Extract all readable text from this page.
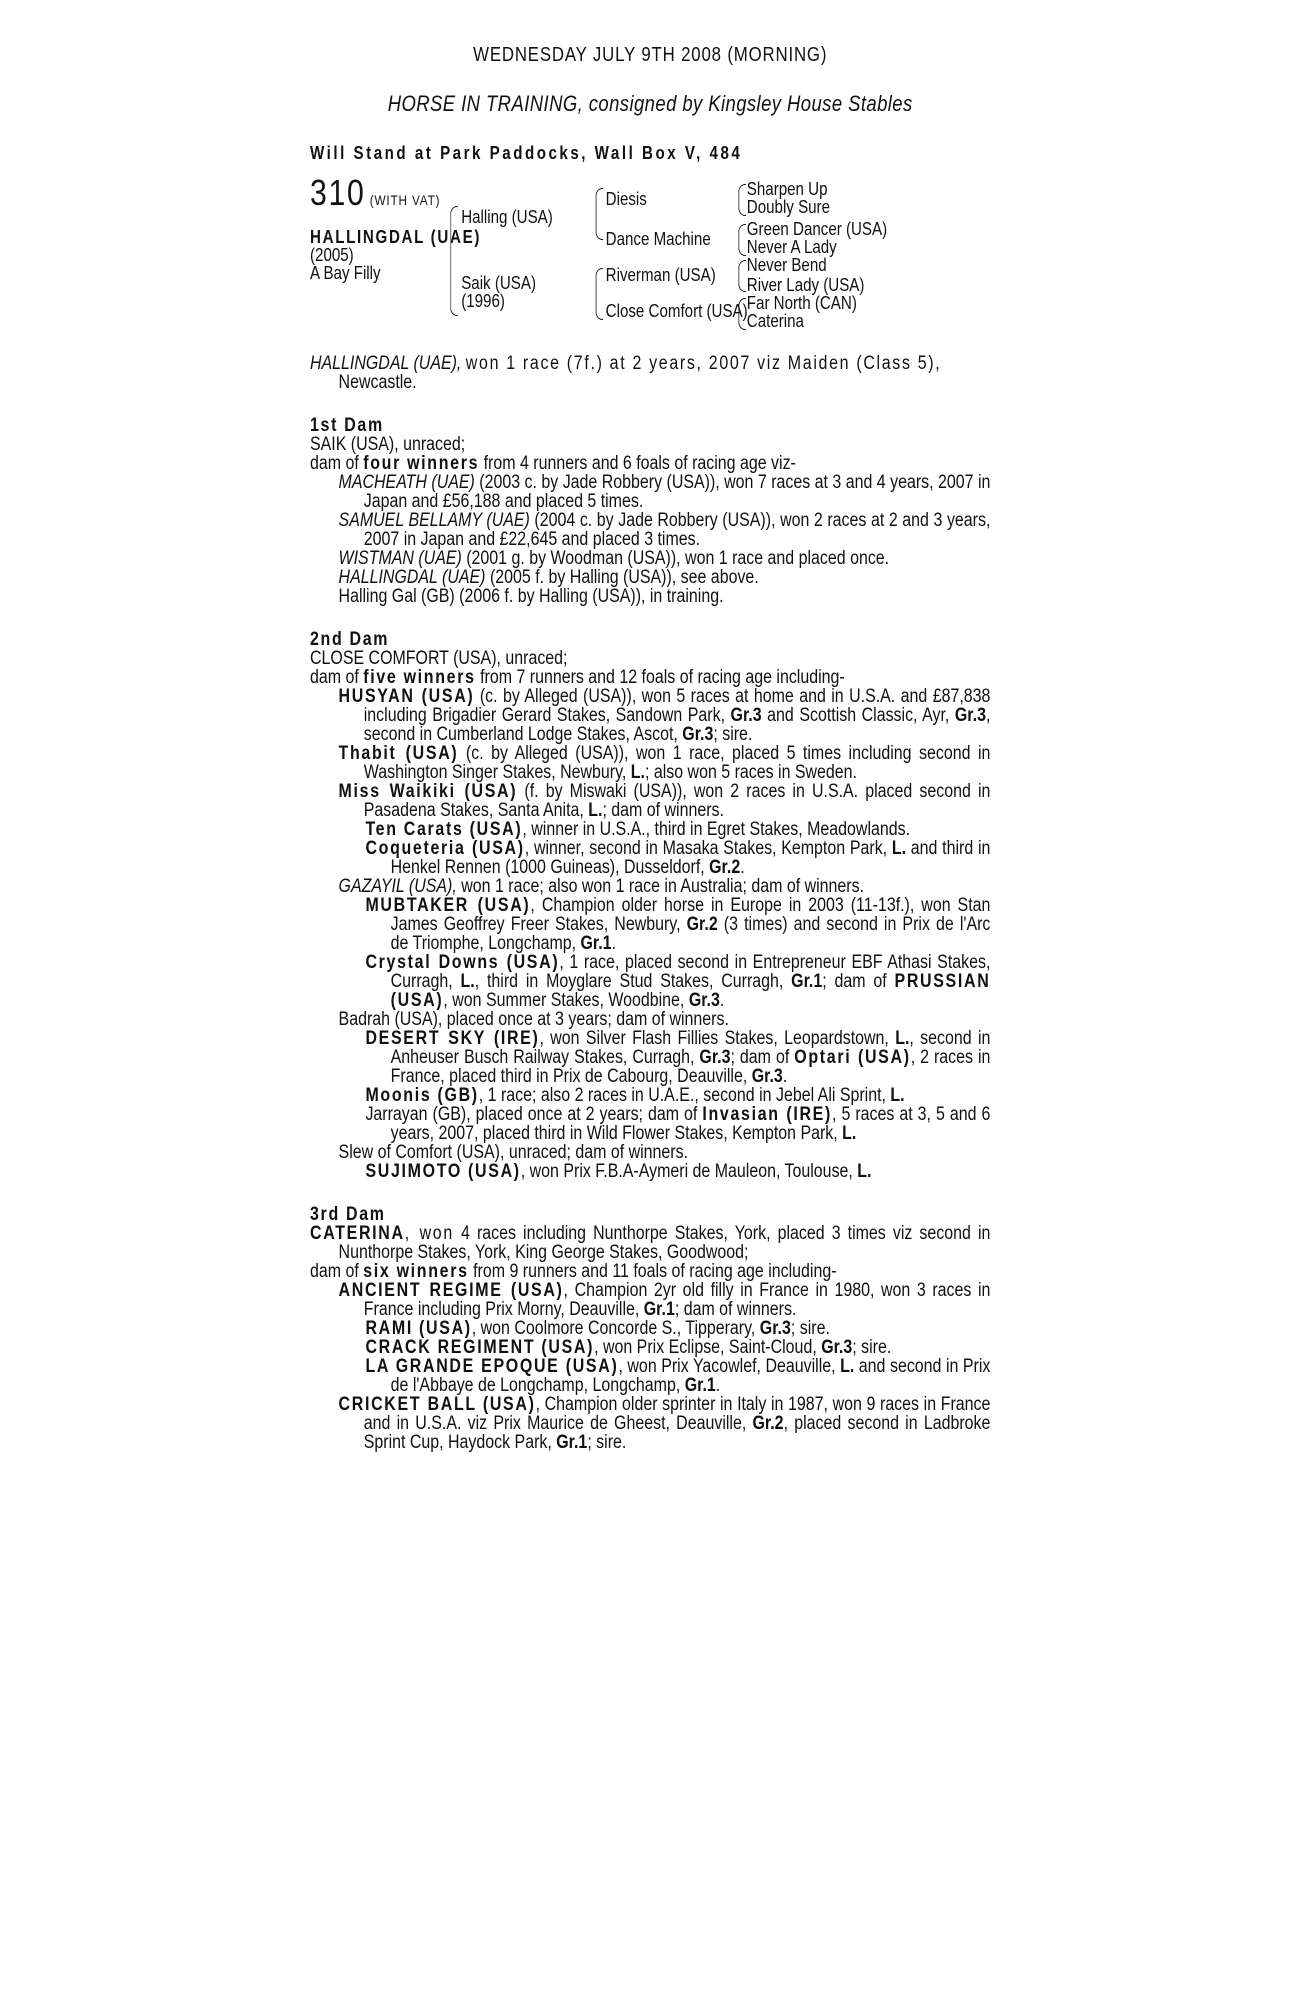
WEDNESDAY JULY 9TH 2008 (MORNING)
HORSE IN TRAINING, consigned by Kingsley House Stables
Will Stand at Park Paddocks, Wall Box V, 484
310 (WITH VAT)
HALLINGDAL (UAE)
(2005)
A Bay Filly
Halling (USA)
Saik (USA)
(1996)
Diesis
Dance Machine
Riverman (USA)
Close Comfort (USA)
Sharpen Up
Doubly Sure
Green Dancer (USA)
Never A Lady
Never Bend
River Lady (USA)
Far North (CAN)
Caterina
HALLINGDAL (UAE), won 1 race (7f.) at 2 years, 2007 viz Maiden (Class 5),
Newcastle.
1st Dam
SAIK (USA), unraced;
dam of four winners from 4 runners and 6 foals of racing age viz-
MACHEATH (UAE) (2003 c. by Jade Robbery (USA)), won 7 races at 3 and 4 years, 2007 in Japan and £56,188 and placed 5 times.
SAMUEL BELLAMY (UAE) (2004 c. by Jade Robbery (USA)), won 2 races at 2 and 3 years, 2007 in Japan and £22,645 and placed 3 times.
WISTMAN (UAE) (2001 g. by Woodman (USA)), won 1 race and placed once.
HALLINGDAL (UAE) (2005 f. by Halling (USA)), see above.
Halling Gal (GB) (2006 f. by Halling (USA)), in training.
2nd Dam
CLOSE COMFORT (USA), unraced;
dam of five winners from 7 runners and 12 foals of racing age including-
HUSYAN (USA) (c. by Alleged (USA)), won 5 races at home and in U.S.A. and £87,838 including Brigadier Gerard Stakes, Sandown Park, Gr.3 and Scottish Classic, Ayr, Gr.3, second in Cumberland Lodge Stakes, Ascot, Gr.3; sire.
Thabit (USA) (c. by Alleged (USA)), won 1 race, placed 5 times including second in Washington Singer Stakes, Newbury, L.; also won 5 races in Sweden.
Miss Waikiki (USA) (f. by Miswaki (USA)), won 2 races in U.S.A. placed second in Pasadena Stakes, Santa Anita, L.; dam of winners.
Ten Carats (USA), winner in U.S.A., third in Egret Stakes, Meadowlands.
Coqueteria (USA), winner, second in Masaka Stakes, Kempton Park, L. and third in Henkel Rennen (1000 Guineas), Dusseldorf, Gr.2.
GAZAYIL (USA), won 1 race; also won 1 race in Australia; dam of winners.
MUBTAKER (USA), Champion older horse in Europe in 2003 (11-13f.), won Stan James Geoffrey Freer Stakes, Newbury, Gr.2 (3 times) and second in Prix de l'Arc de Triomphe, Longchamp, Gr.1.
Crystal Downs (USA), 1 race, placed second in Entrepreneur EBF Athasi Stakes, Curragh, L., third in Moyglare Stud Stakes, Curragh, Gr.1; dam of PRUSSIAN (USA), won Summer Stakes, Woodbine, Gr.3.
Badrah (USA), placed once at 3 years; dam of winners.
DESERT SKY (IRE), won Silver Flash Fillies Stakes, Leopardstown, L., second in Anheuser Busch Railway Stakes, Curragh, Gr.3; dam of Optari (USA), 2 races in France, placed third in Prix de Cabourg, Deauville, Gr.3.
Moonis (GB), 1 race; also 2 races in U.A.E., second in Jebel Ali Sprint, L.
Jarrayan (GB), placed once at 2 years; dam of Invasian (IRE), 5 races at 3, 5 and 6 years, 2007, placed third in Wild Flower Stakes, Kempton Park, L.
Slew of Comfort (USA), unraced; dam of winners.
SUJIMOTO (USA), won Prix F.B.A-Aymeri de Mauleon, Toulouse, L.
3rd Dam
CATERINA, won 4 races including Nunthorpe Stakes, York, placed 3 times viz second in Nunthorpe Stakes, York, King George Stakes, Goodwood;
dam of six winners from 9 runners and 11 foals of racing age including-
ANCIENT REGIME (USA), Champion 2yr old filly in France in 1980, won 3 races in France including Prix Morny, Deauville, Gr.1; dam of winners.
RAMI (USA), won Coolmore Concorde S., Tipperary, Gr.3; sire.
CRACK REGIMENT (USA), won Prix Eclipse, Saint-Cloud, Gr.3; sire.
LA GRANDE EPOQUE (USA), won Prix Yacowlef, Deauville, L. and second in Prix de l'Abbaye de Longchamp, Longchamp, Gr.1.
CRICKET BALL (USA), Champion older sprinter in Italy in 1987, won 9 races in France and in U.S.A. viz Prix Maurice de Gheest, Deauville, Gr.2, placed second in Ladbroke Sprint Cup, Haydock Park, Gr.1; sire.
